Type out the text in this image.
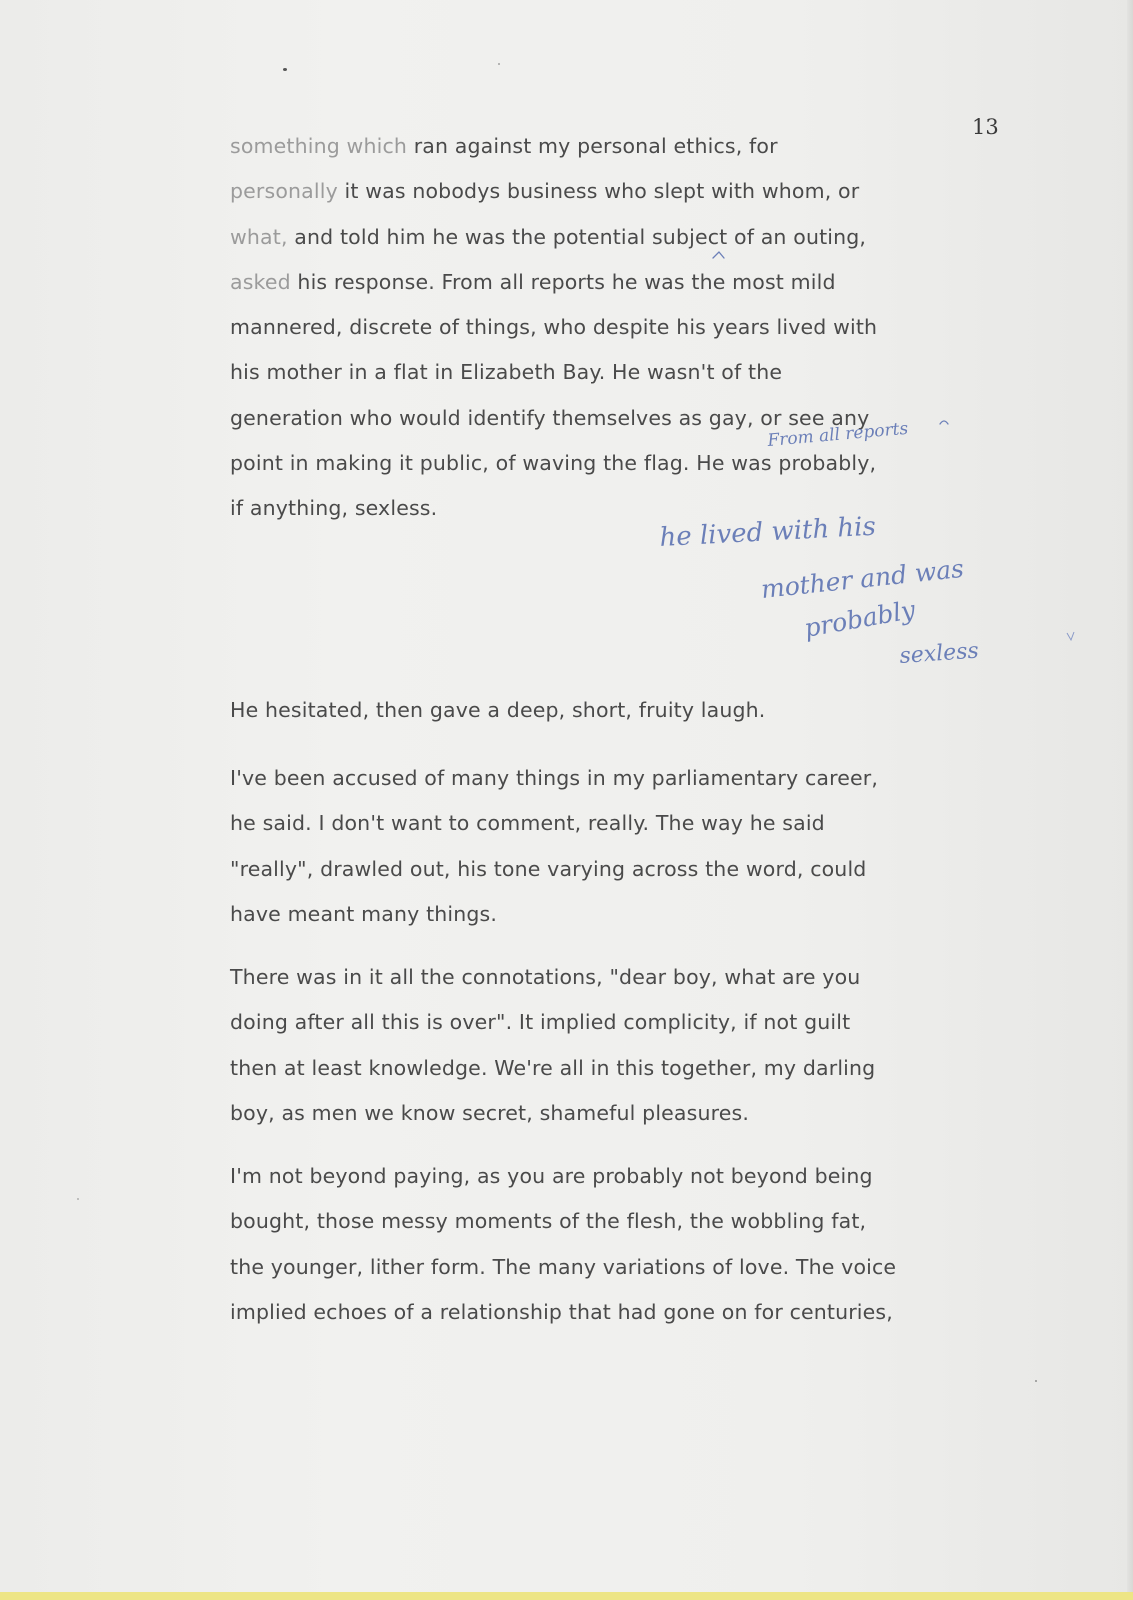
13
something which ran against my personal ethics, for
personally it was nobodys business who slept with whom, or
what, and told him he was the potential subject of an outing,
asked his response. From all reports he was the most mild
mannered, discrete of things, who despite his years lived with
his mother in a flat in Elizabeth Bay. He wasn't of the
generation who would identify themselves as gay, or see any
point in making it public, of waving the flag. He was probably,
if anything, sexless.
He hesitated, then gave a deep, short, fruity laugh.
I've been accused of many things in my parliamentary career,
he said. I don't want to comment, really. The way he said
"really", drawled out, his tone varying across the word, could
have meant many things.
There was in it all the connotations, "dear boy, what are you
doing after all this is over". It implied complicity, if not guilt
then at least knowledge. We're all in this together, my darling
boy, as men we know secret, shameful pleasures.
I'm not beyond paying, as you are probably not beyond being
bought, those messy moments of the flesh, the wobbling fat,
the younger, lither form. The many variations of love. The voice
implied echoes of a relationship that had gone on for centuries,
From all reports
he lived with his
mother and was
probably
sexless
